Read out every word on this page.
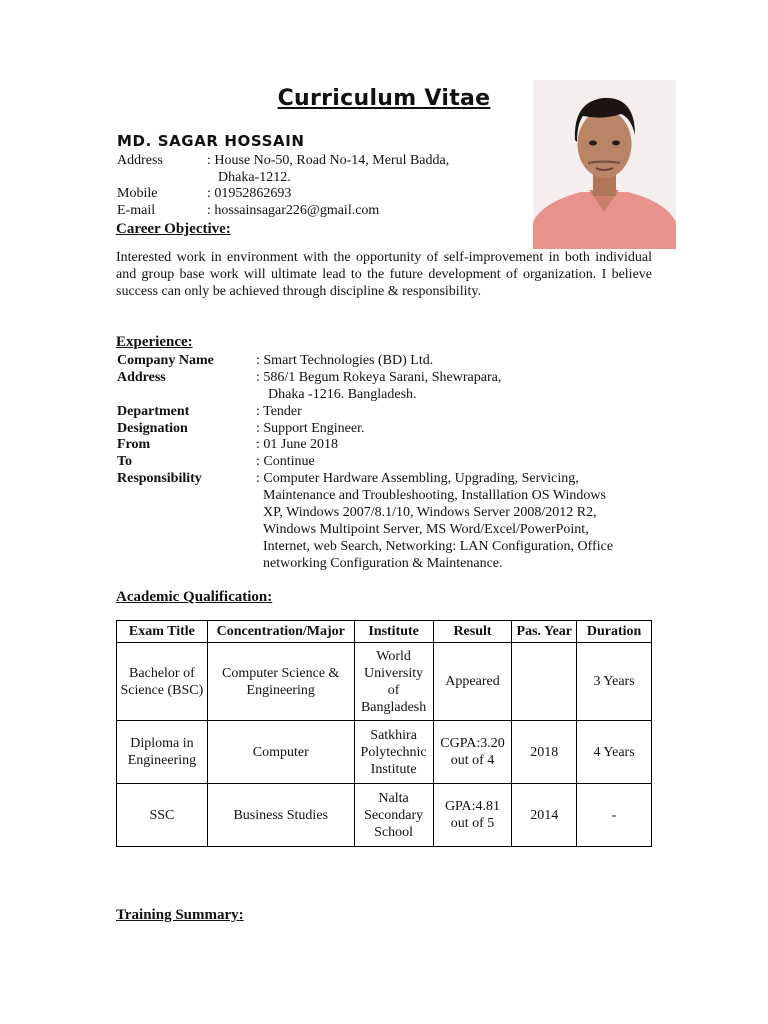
Curriculum Vitae
MD. SAGAR HOSSAIN
Address	: House No-50, Road No-14, Merul Badda,
Dhaka-1212.
Mobile	: 01952862693
E-mail	: hossainsagar226@gmail.com
Career Objective:
Interested work in environment with the opportunity of self-improvement in both individual and group base work will ultimate lead to the future development of organization. I believe success can only be achieved through discipline & responsibility.
Experience:
Company Name	: Smart Technologies (BD) Ltd.
Address	: 586/1 Begum Rokeya Sarani, Shewrapara,
Dhaka -1216. Bangladesh.
Department	: Tender
Designation	: Support Engineer.
From	: 01 June 2018
To	: Continue
Responsibility	: Computer Hardware Assembling, Upgrading, Servicing,
Maintenance and Troubleshooting, Installlation OS Windows
XP, Windows 2007/8.1/10, Windows Server 2008/2012 R2,
Windows Multipoint Server, MS Word/Excel/PowerPoint,
Internet, web Search, Networking: LAN Configuration, Office
networking Configuration & Maintenance.
Academic Qualification:
Exam Title	Concentration/Major	Institute	Result	Pas. Year	Duration
Bachelor of Science (BSC)	Computer Science & Engineering	World University of Bangladesh	Appeared		3 Years
Diploma in Engineering	Computer	Satkhira Polytechnic Institute	CGPA:3.20 out of 4	2018	4 Years
SSC	Business Studies	Nalta Secondary School	GPA:4.81 out of 5	2014	-
Training Summary:
